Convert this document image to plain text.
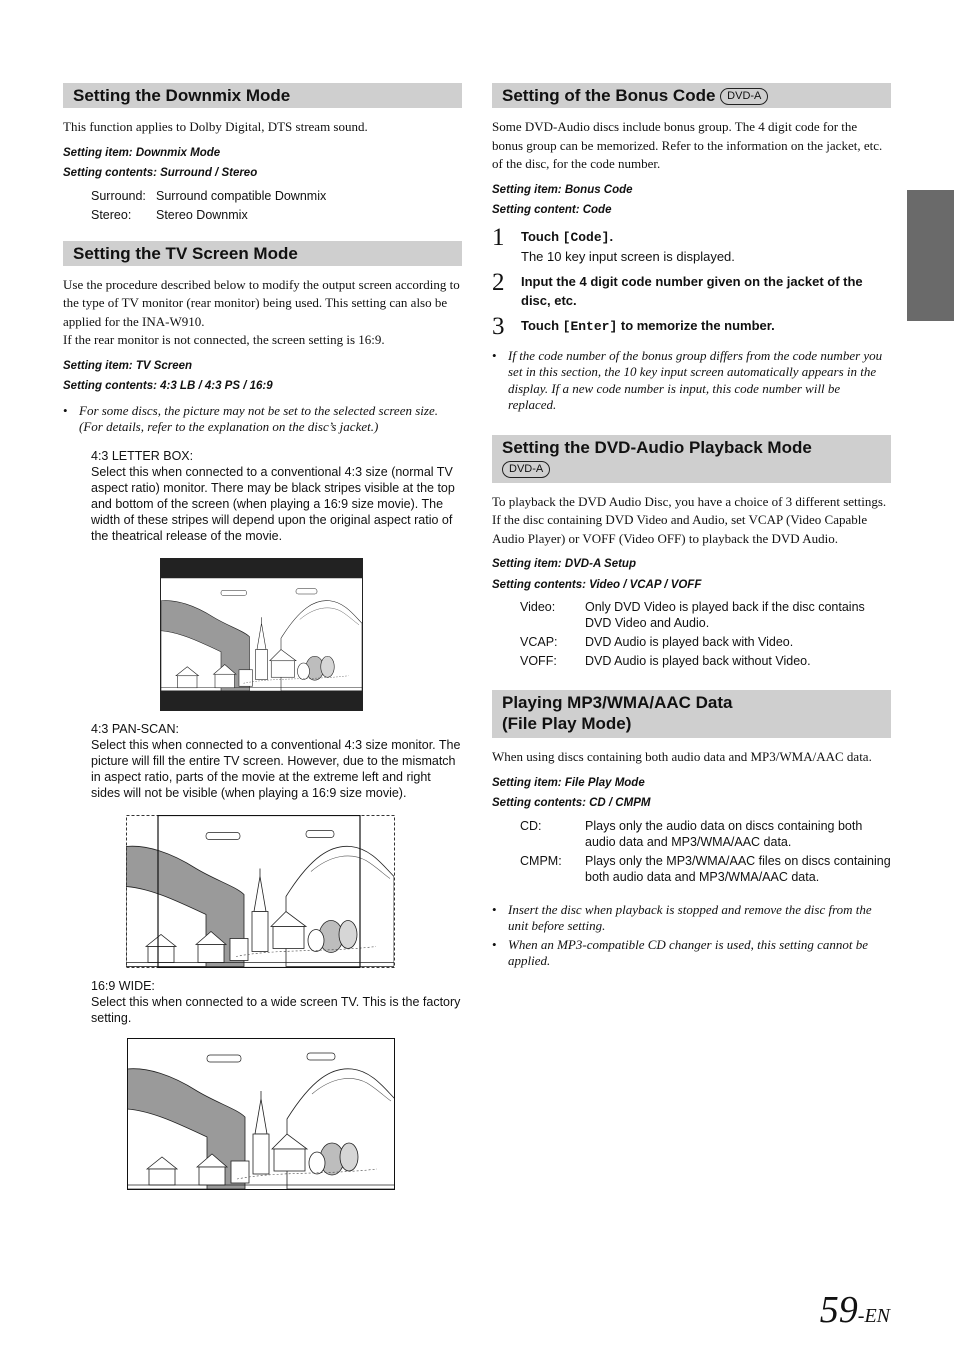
Setting the Downmix Mode

This function applies to Dolby Digital, DTS stream sound.

Setting item: Downmix Mode
Setting contents: Surround / Stereo
Surround: Surround compatible Downmix
Stereo:	Stereo Downmix
Setting the TV Screen Mode

Use the procedure described below to modify the output screen according to the type of TV monitor (rear monitor) being used. This setting can also be applied for the INA-W910.

If the rear monitor is not connected, the screen setting is 16:9.

Setting item: TV Screen
Setting contents: 4:3 LB / 4:3 PS / 16:9
• For some discs, the picture may not be set to the selected screen size. (For details, refer to the explanation on the disc’s jacket.)
4:3 LETTER BOX:
Select this when connected to a conventional 4:3 size (normal TV aspect ratio) monitor. There may be black stripes visible at the top and bottom of the screen (when playing a 16:9 size movie). The width of these stripes will depend upon the original aspect ratio of the theatrical release of the movie.
4:3 PAN-SCAN:
Select this when connected to a conventional 4:3 size monitor. The picture will fill the entire TV screen. However, due to the mismatch in aspect ratio, parts of the movie at the extreme left and right sides will not be visible (when playing a 16:9 size movie).
16:9 WIDE:
Select this when connected to a wide screen TV. This is the factory setting.
Setting of the Bonus Code DVD-A

Some DVD-Audio discs include bonus group. The 4 digit code for the bonus group can be memorized. Refer to the information on the jacket, etc. of the disc, for the code number.

Setting item: Bonus Code
Setting content: Code
1	Touch [Code].
The 10 key input screen is displayed.
2	Input the 4 digit code number given on the jacket of the disc, etc.
3	Touch [Enter] to memorize the number.
• If the code number of the bonus group differs from the code number you set in this section, the 10 key input screen automatically appears in the display. If a new code number is input, this code number will be replaced.
Setting the DVD-Audio Playback Mode
DVD-A

To playback the DVD Audio Disc, you have a choice of 3 different settings. If the disc containing DVD Video and Audio, set VCAP (Video Capable Audio Player) or VOFF (Video OFF) to playback the DVD Audio.

Setting item: DVD-A Setup
Setting contents: Video / VCAP / VOFF
Video:	Only DVD Video is played back if the disc contains DVD Video and Audio.
VCAP:	DVD Audio is played back with Video.
VOFF:	DVD Audio is played back without Video.
Playing MP3/WMA/AAC Data
(File Play Mode)

When using discs containing both audio data and MP3/WMA/AAC data.

Setting item: File Play Mode
Setting contents: CD / CMPM
CD:	Plays only the audio data on discs containing both audio data and MP3/WMA/AAC data.
CMPM:	Plays only the MP3/WMA/AAC files on discs containing both audio data and MP3/WMA/AAC data.
• Insert the disc when playback is stopped and remove the disc from the unit before setting.
• When an MP3-compatible CD changer is used, this setting cannot be applied.
59-EN
